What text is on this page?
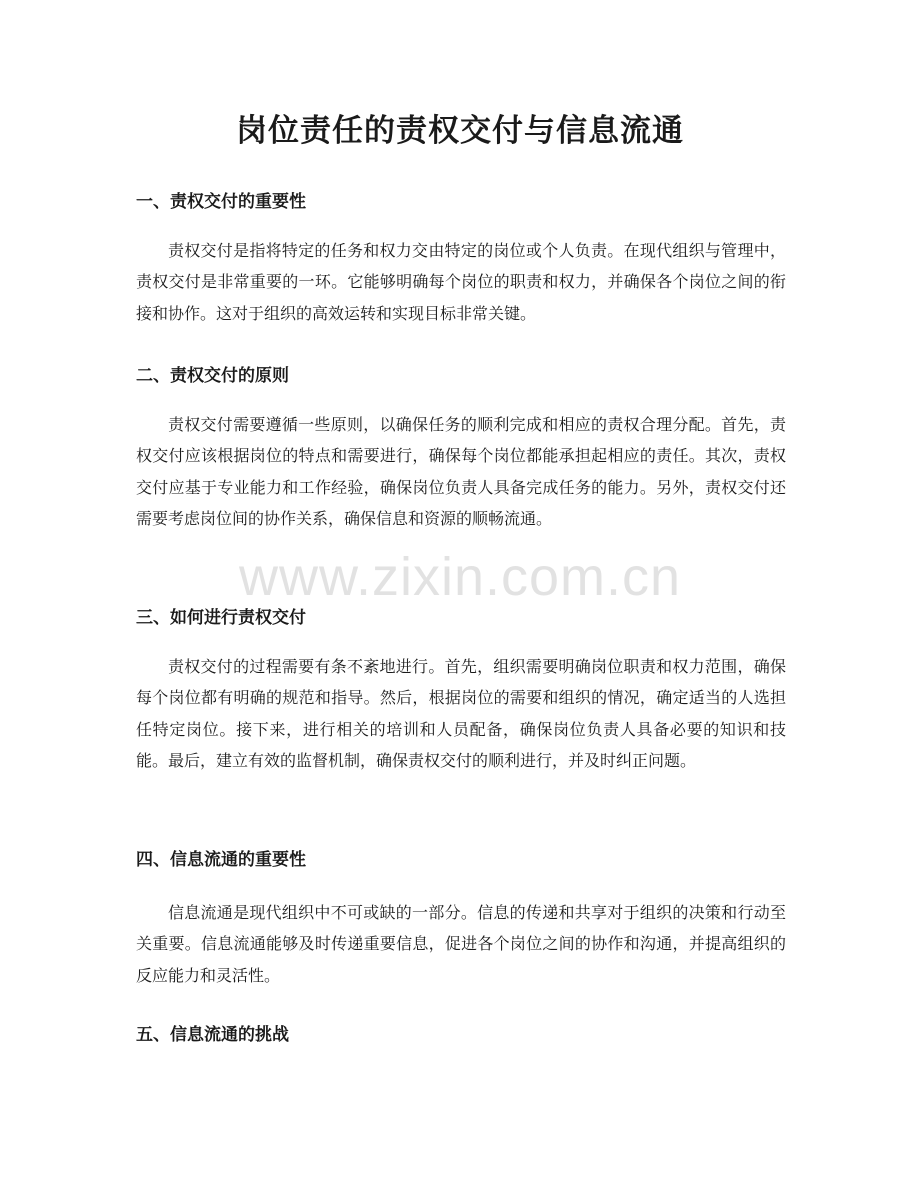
岗位责任的责权交付与信息流通
一、责权交付的重要性

责权交付是指将特定的任务和权力交由特定的岗位或个人负责。在现代组织与管理中，责权交付是非常重要的一环。它能够明确每个岗位的职责和权力，并确保各个岗位之间的衔接和协作。这对于组织的高效运转和实现目标非常关键。

二、责权交付的原则

责权交付需要遵循一些原则，以确保任务的顺利完成和相应的责权合理分配。首先，责权交付应该根据岗位的特点和需要进行，确保每个岗位都能承担起相应的责任。其次，责权交付应基于专业能力和工作经验，确保岗位负责人具备完成任务的能力。另外，责权交付还需要考虑岗位间的协作关系，确保信息和资源的顺畅流通。

三、如何进行责权交付

责权交付的过程需要有条不紊地进行。首先，组织需要明确岗位职责和权力范围，确保每个岗位都有明确的规范和指导。然后，根据岗位的需要和组织的情况，确定适当的人选担任特定岗位。接下来，进行相关的培训和人员配备，确保岗位负责人具备必要的知识和技能。最后，建立有效的监督机制，确保责权交付的顺利进行，并及时纠正问题。

四、信息流通的重要性

信息流通是现代组织中不可或缺的一部分。信息的传递和共享对于组织的决策和行动至关重要。信息流通能够及时传递重要信息，促进各个岗位之间的协作和沟通，并提高组织的反应能力和灵活性。

五、信息流通的挑战
www.zixin.com.cn
